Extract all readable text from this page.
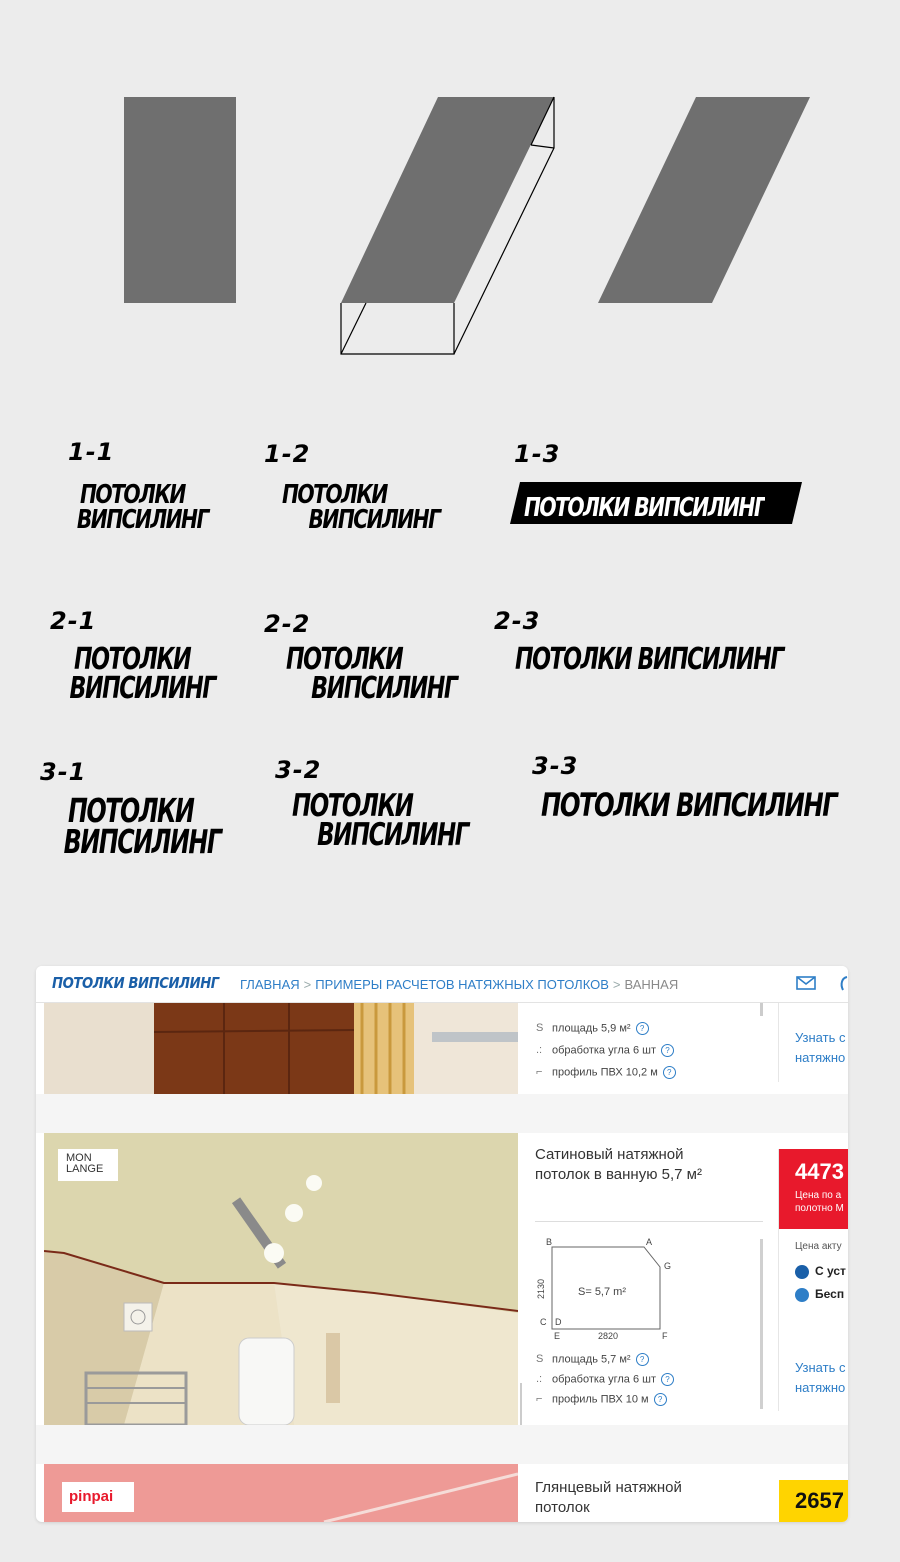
1-1
ПОТОЛКИ
ВИПСИЛИНГ
1-2
ПОТОЛКИ
ВИПСИЛИНГ
1-3
ПОТОЛКИ ВИПСИЛИНГ
2-1
ПОТОЛКИ
ВИПСИЛИНГ
2-2
ПОТОЛКИ
ВИПСИЛИНГ
2-3
ПОТОЛКИ ВИПСИЛИНГ
3-1
ПОТОЛКИ
ВИПСИЛИНГ
3-2
ПОТОЛКИ
ВИПСИЛИНГ
3-3
ПОТОЛКИ ВИПСИЛИНГ
ПОТОЛКИ ВИПСИЛИНГ ГЛАВНАЯ > ПРИМЕРЫ РАСЧЕТОВ НАТЯЖНЫХ ПОТОЛКОВ > ВАННАЯ
S площадь 5,9 м² ?
.: обработка угла 6 шт ?
⌐ профиль ПВХ 10,2 м ?
Узнать с натяжно
MON LANGE
Сатиновый натяжной потолок в ванную 5,7 м²
B	A
G
C D
E	F
2820
2130	S= 5,7 m²
S площадь 5,7 м² ?
.: обработка угла 6 шт ?
⌐ профиль ПВХ 10 м ?
4473
Цена по а полотно М
Цена акту
С уст
Бесп
Узнать с натяжно
pinpai
Глянцевый натяжной потолок	2657
